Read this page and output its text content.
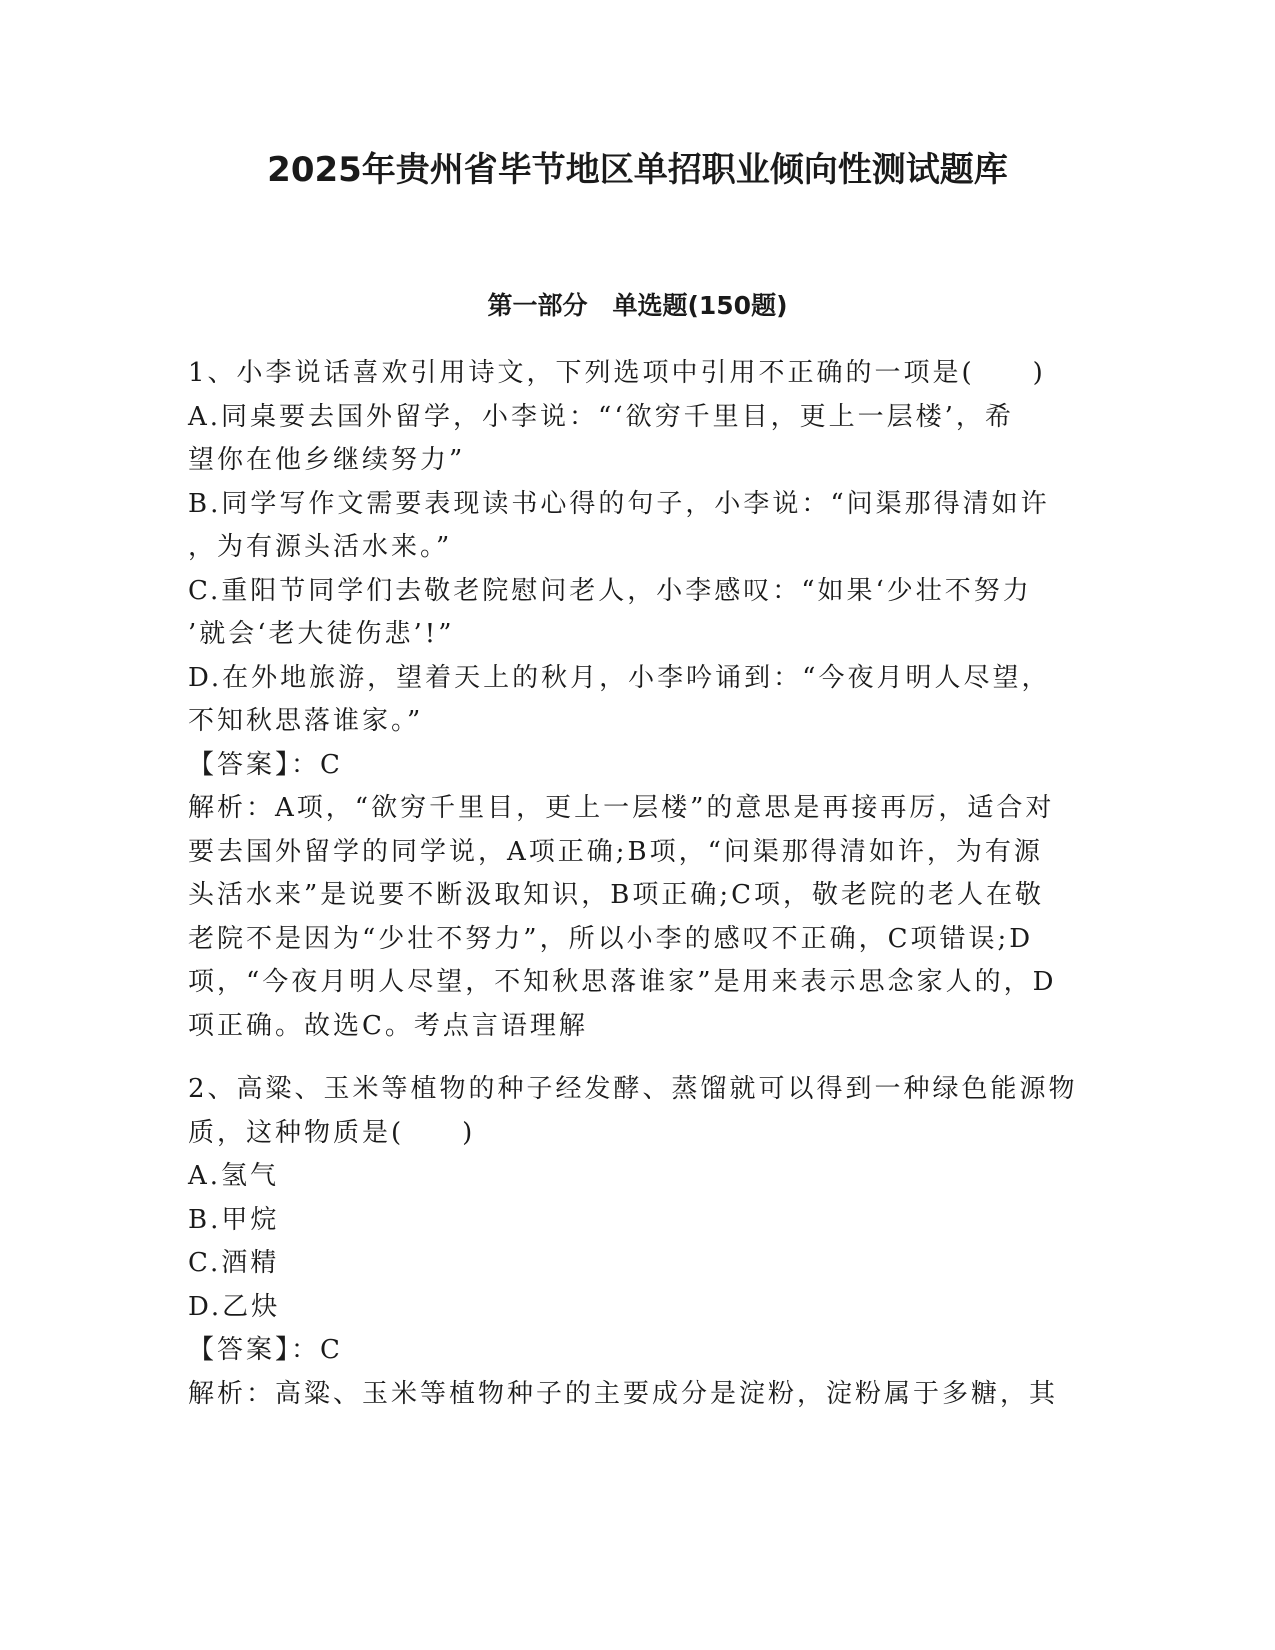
2025年贵州省毕节地区单招职业倾向性测试题库
第一部分　单选题(150题)
1、小李说话喜欢引用诗文，下列选项中引用不正确的一项是(　　)
A.同桌要去国外留学，小李说：“‘欲穷千里目，更上一层楼’，希
望你在他乡继续努力”
B.同学写作文需要表现读书心得的句子，小李说：“问渠那得清如许
，为有源头活水来。”
C.重阳节同学们去敬老院慰问老人，小李感叹：“如果‘少壮不努力
’就会‘老大徒伤悲’!”
D.在外地旅游，望着天上的秋月，小李吟诵到：“今夜月明人尽望，
不知秋思落谁家。”
【答案】：C
解析：A项，“欲穷千里目，更上一层楼”的意思是再接再厉，适合对
要去国外留学的同学说，A项正确;B项，“问渠那得清如许，为有源
头活水来”是说要不断汲取知识，B项正确;C项，敬老院的老人在敬
老院不是因为“少壮不努力”，所以小李的感叹不正确，C项错误;D
项，“今夜月明人尽望，不知秋思落谁家”是用来表示思念家人的，D
项正确。故选C。考点言语理解
2、高粱、玉米等植物的种子经发酵、蒸馏就可以得到一种绿色能源物
质，这种物质是(　　)
A.氢气
B.甲烷
C.酒精
D.乙炔
【答案】：C
解析：高粱、玉米等植物种子的主要成分是淀粉，淀粉属于多糖，其
